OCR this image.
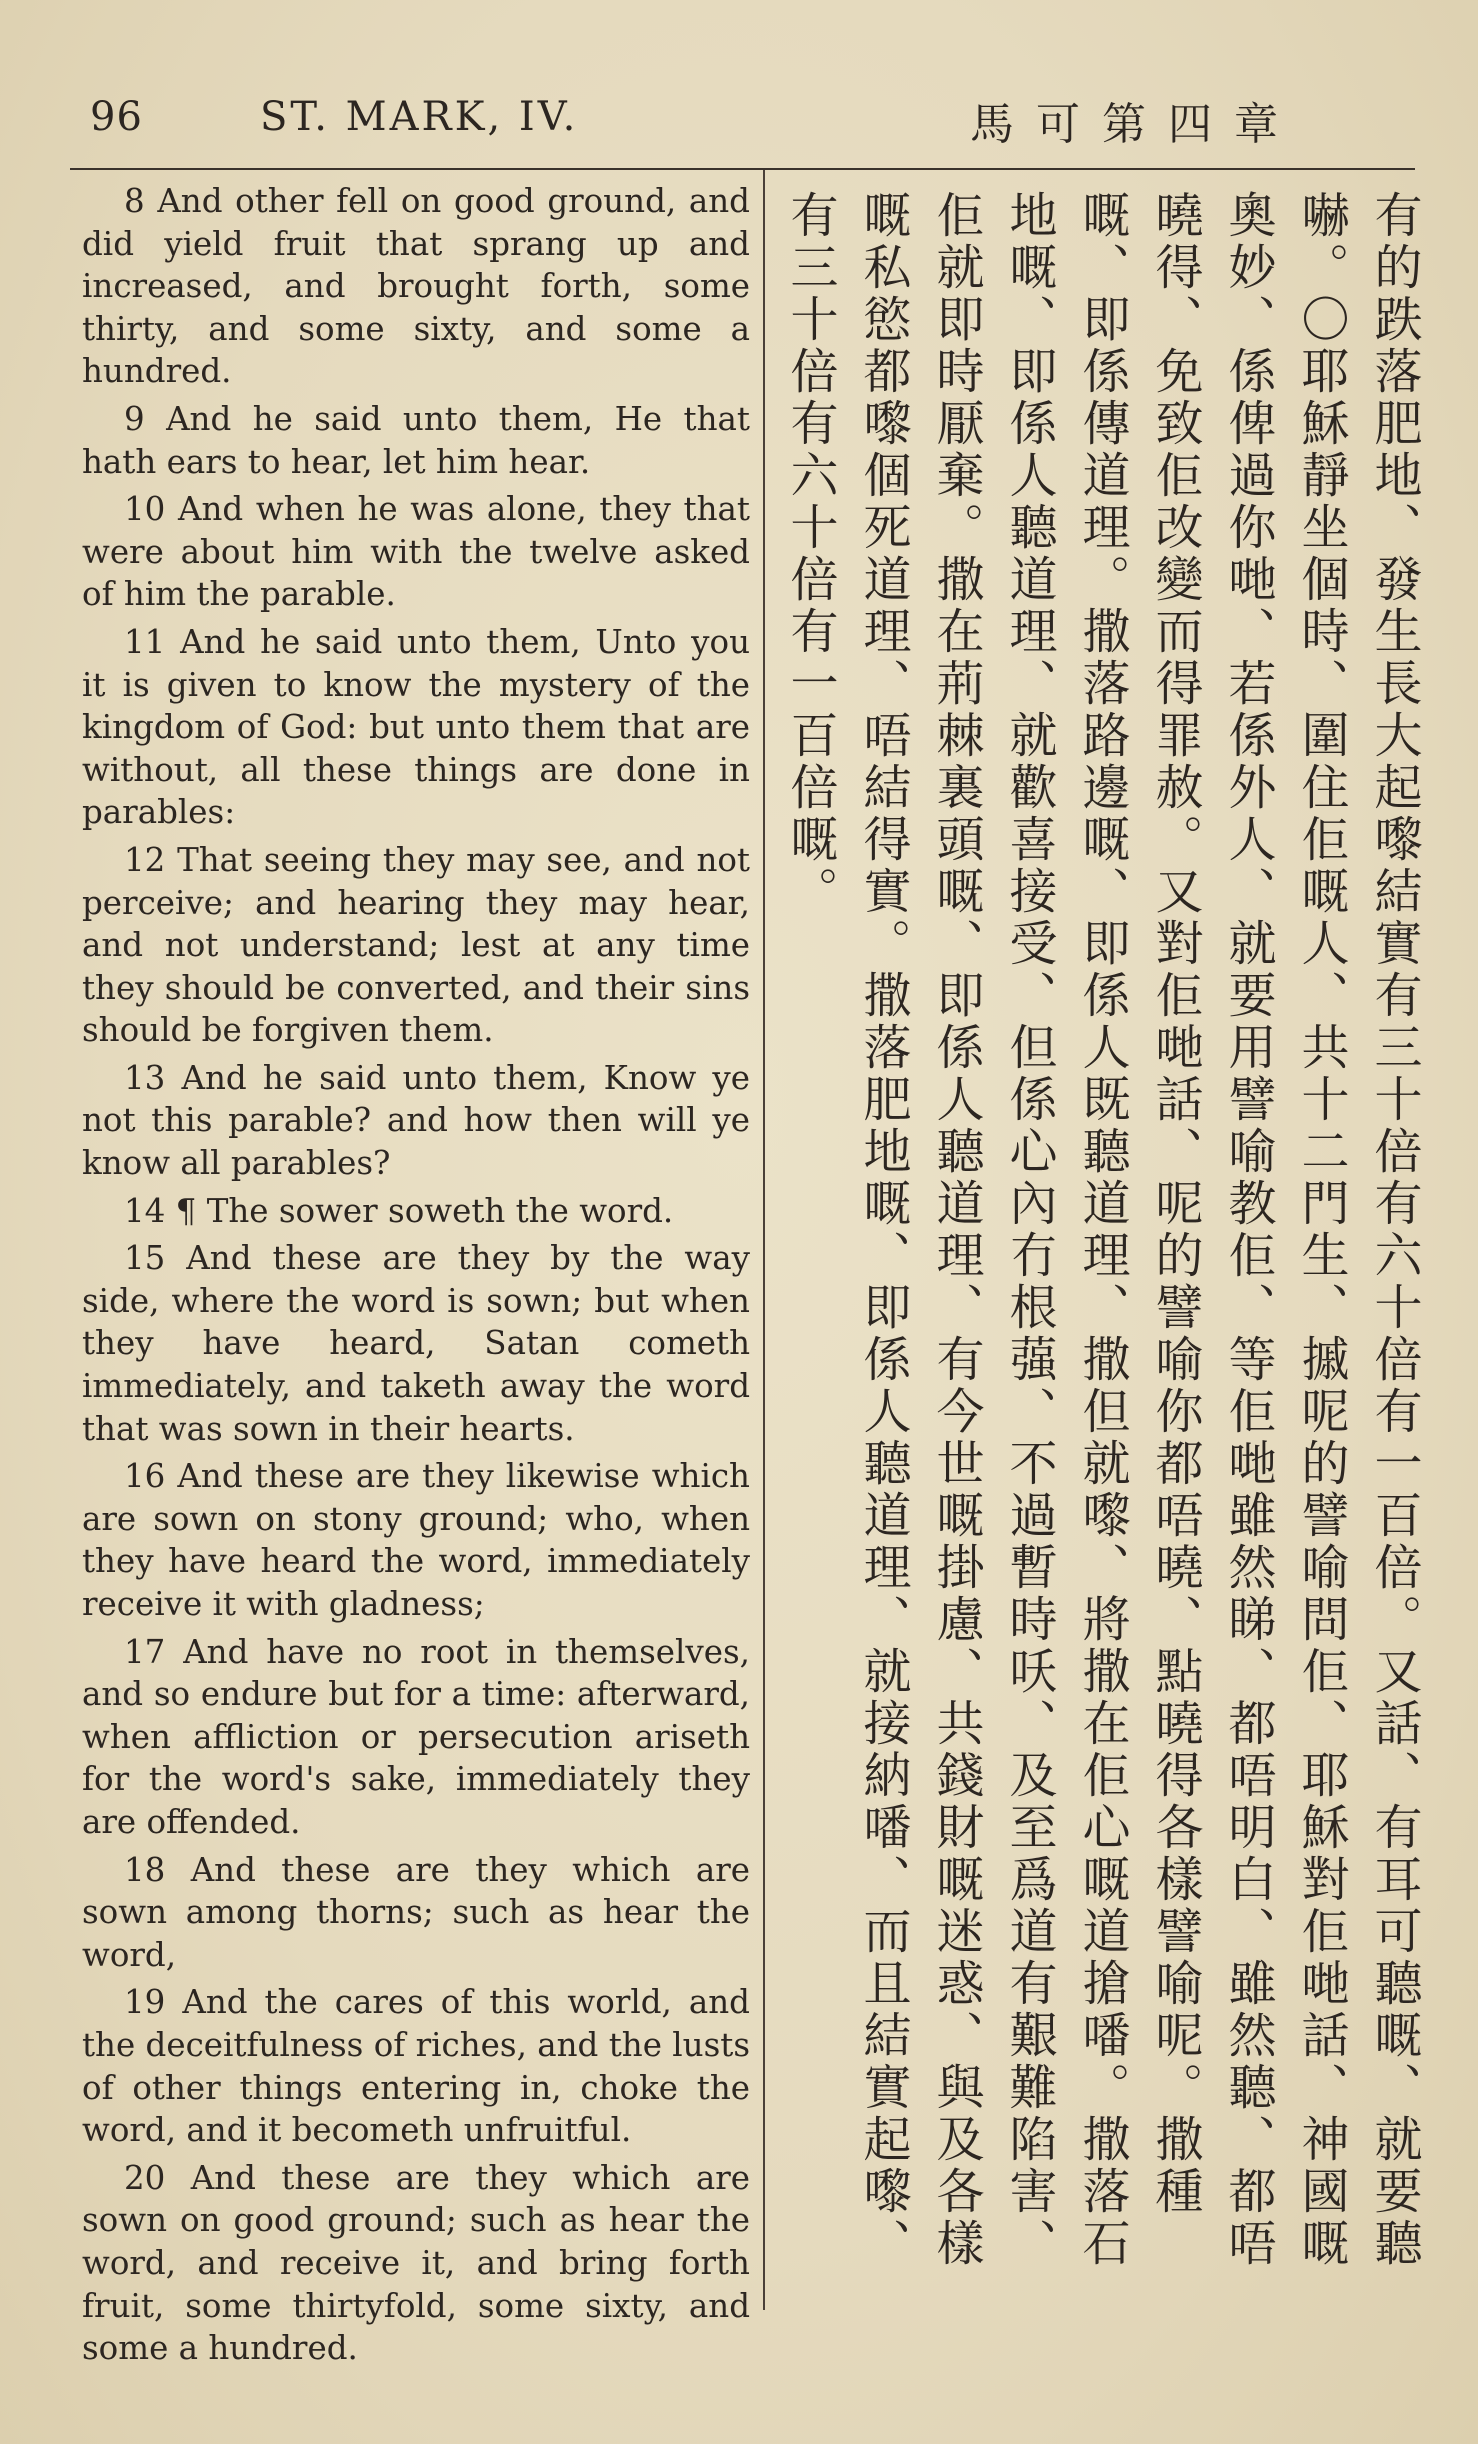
96	ST. MARK, IV.	馬可第四章

8 And other fell on good ground, and did yield fruit that sprang up and increased, and brought forth, some thirty, and some sixty, and some a hundred.

9 And he said unto them, He that hath ears to hear, let him hear.

10 And when he was alone, they that were about him with the twelve asked of him the parable.

11 And he said unto them, Unto you it is given to know the mystery of the kingdom of God: but unto them that are without, all these things are done in parables:

12 That seeing they may see, and not perceive; and hearing they may hear, and not understand; lest at any time they should be converted, and their sins should be forgiven them.

13 And he said unto them, Know ye not this parable? and how then will ye know all parables?

14 ¶ The sower soweth the word.

15 And these are they by the way side, where the word is sown; but when they have heard, Satan cometh immediately, and taketh away the word that was sown in their hearts.

16 And these are they likewise which are sown on stony ground; who, when they have heard the word, immediately receive it with gladness;

17 And have no root in themselves, and so endure but for a time: afterward, when affliction or persecution ariseth for the word's sake, immediately they are offended.

18 And these are they which are sown among thorns; such as hear the word,

19 And the cares of this world, and the deceitfulness of riches, and the lusts of other things entering in, choke the word, and it becometh unfruitful.

20 And these are they which are sown on good ground; such as hear the word, and receive it, and bring forth fruit, some thirtyfold, some sixty, and some a hundred.

有的跌落肥地、發生長大起嚟結實有三十倍有六十倍有一百倍。又話、有耳可聽嘅、就要聽嚇。〇耶穌靜坐個時、圍住佢嘅人、共十二門生、摵呢的譬喻問佢、耶穌對佢哋話、神國嘅奧妙、係俾過你哋、若係外人、就要用譬喻教佢、等佢哋雖然睇、都唔明白、雖然聽、都唔曉得、免致佢改變而得罪赦。又對佢哋話、呢的譬喻你都唔曉、點曉得各樣譬喻呢。撒種嘅、即係傳道理。撒落路邊嘅、即係人既聽道理、撒但就嚟、將撒在佢心嘅道搶噃。撒落石地嘅、即係人聽道理、就歡喜接受、但係心內冇根蔃、不過暫時㕭、及至爲道有艱難陷害、佢就即時厭棄。撒在荊棘裏頭嘅、即係人聽道理、有今世嘅掛慮、共錢財嘅迷惑、與及各樣嘅私慾都嚟個死道理、唔結得實。撒落肥地嘅、即係人聽道理、就接納噃、而且結實起嚟、有三十倍有六十倍有一百倍嘅。
